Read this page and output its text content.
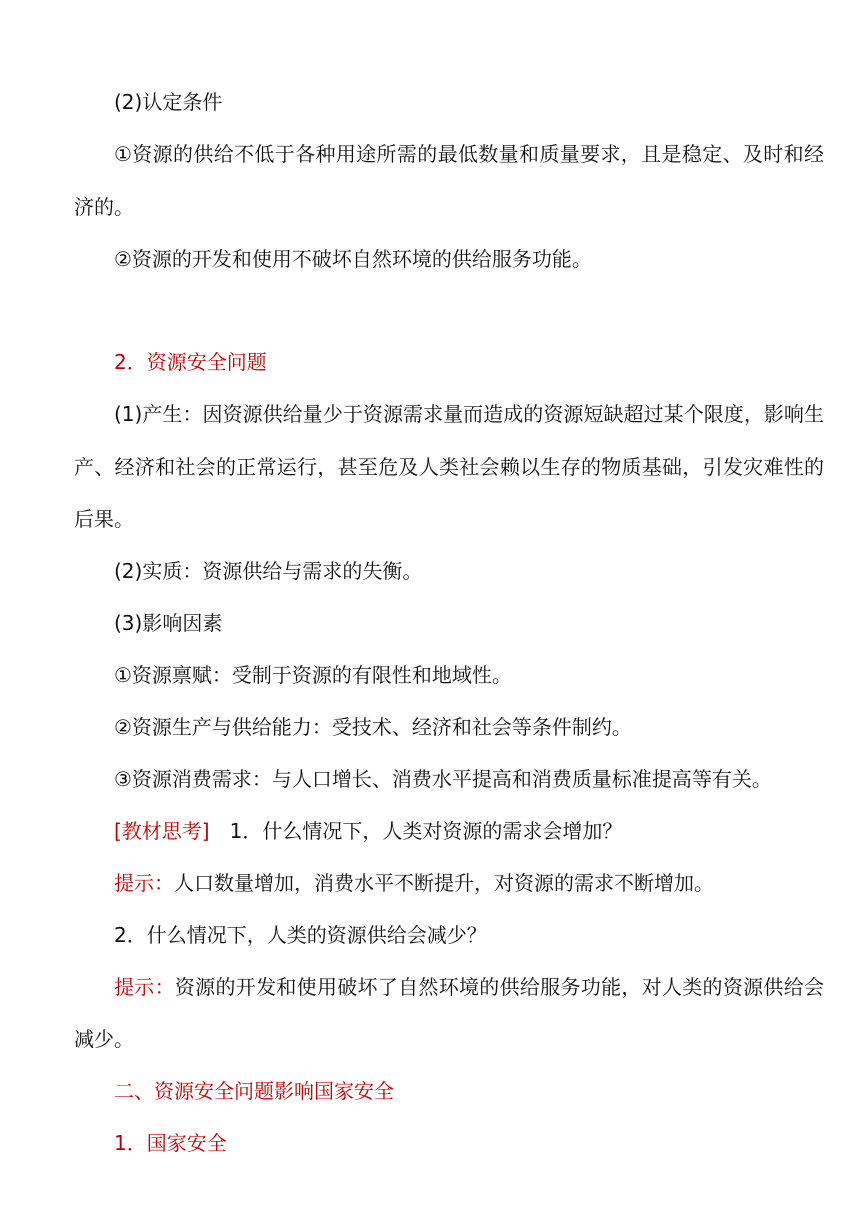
(2)认定条件
①资源的供给不低于各种用途所需的最低数量和质量要求，且是稳定、及时和经
济的。
②资源的开发和使用不破坏自然环境的供给服务功能。
2．资源安全问题
(1)产生：因资源供给量少于资源需求量而造成的资源短缺超过某个限度，影响生
产、经济和社会的正常运行，甚至危及人类社会赖以生存的物质基础，引发灾难性的
后果。
(2)实质：资源供给与需求的失衡。
(3)影响因素
①资源禀赋：受制于资源的有限性和地域性。
②资源生产与供给能力：受技术、经济和社会等条件制约。
③资源消费需求：与人口增长、消费水平提高和消费质量标准提高等有关。
[教材思考]　1．什么情况下，人类对资源的需求会增加？
提示：人口数量增加，消费水平不断提升，对资源的需求不断增加。
2．什么情况下，人类的资源供给会减少？
提示：资源的开发和使用破坏了自然环境的供给服务功能，对人类的资源供给会
减少。
二、资源安全问题影响国家安全
1．国家安全
